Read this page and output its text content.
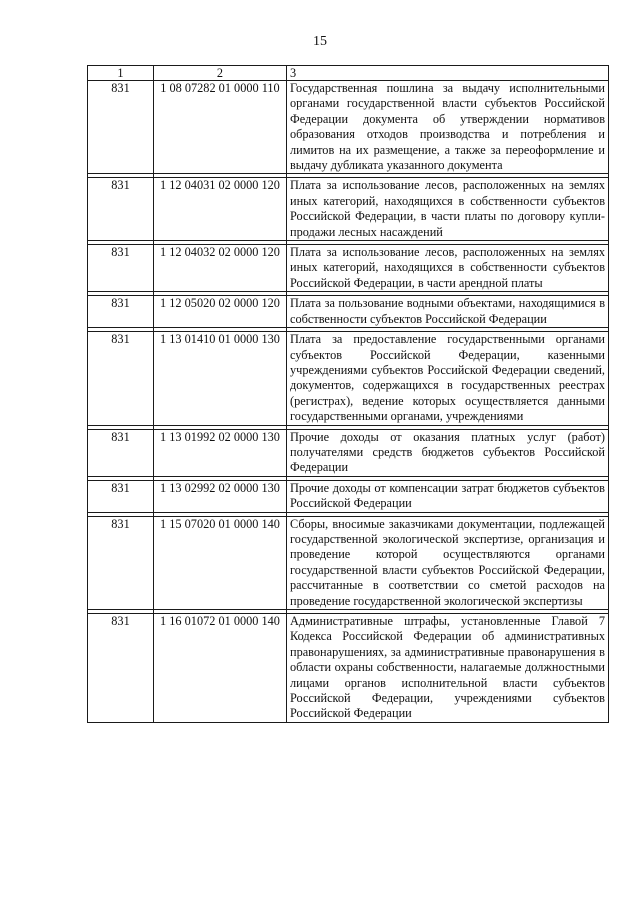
15
1	2	3
831	1 08 07282 01 0000 110	Государственная пошлина за выдачу исполнительными органами государственной власти субъектов Российской Федерации документа об утверждении нормативов образования отходов производства и потребления и лимитов на их размещение, а также за переоформление и выдачу дубликата указанного документа

831	1 12 04031 02 0000 120	Плата за использование лесов, расположенных на землях иных категорий, находящихся в собственности субъектов Российской Федерации, в части платы по договору купли-продажи лесных насаждений

831	1 12 04032 02 0000 120	Плата за использование лесов, расположенных на землях иных категорий, находящихся в собственности субъектов Российской Федерации, в части арендной платы

831	1 12 05020 02 0000 120	Плата за пользование водными объектами, находящимися в собственности субъектов Российской Федерации

831	1 13 01410 01 0000 130	Плата за предоставление государственными органами субъектов Российской Федерации, казенными учреждениями субъектов Российской Федерации сведений, документов, содержащихся в государственных реестрах (регистрах), ведение которых осуществляется данными государственными органами, учреждениями

831	1 13 01992 02 0000 130	Прочие доходы от оказания платных услуг (работ) получателями средств бюджетов субъектов Российской Федерации

831	1 13 02992 02 0000 130	Прочие доходы от компенсации затрат бюджетов субъектов Российской Федерации

831	1 15 07020 01 0000 140	Сборы, вносимые заказчиками документации, подлежащей государственной экологической экспертизе, организация и проведение которой осуществляются органами государственной власти субъектов Российской Федерации, рассчитанные в соответствии со сметой расходов на проведение государственной экологической экспертизы

831	1 16 01072 01 0000 140	Административные штрафы, установленные Главой 7 Кодекса Российской Федерации об административных правонарушениях, за административные правонарушения в области охраны собственности, налагаемые должностными лицами органов исполнительной власти субъектов Российской Федерации, учреждениями субъектов Российской Федерации
